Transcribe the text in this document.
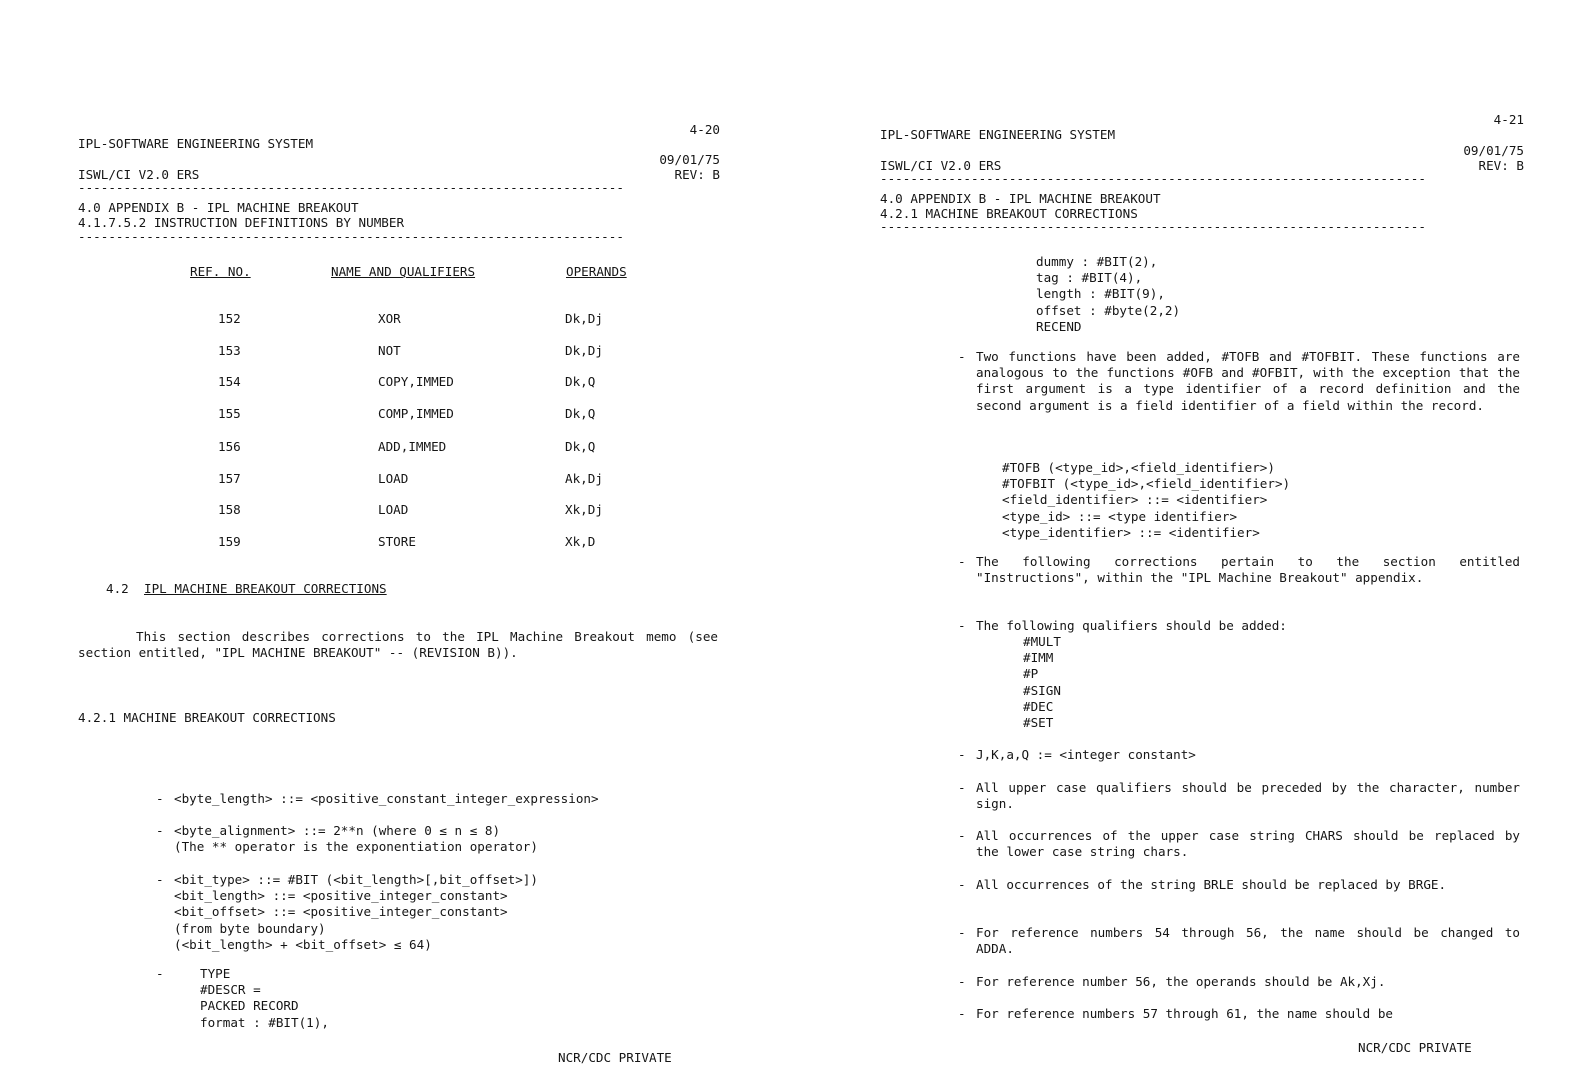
4-20
IPL-SOFTWARE ENGINEERING SYSTEM
09/01/75
ISWL/CI V2.0 ERS	REV: B
------------------------------------------------------------------------
4.0 APPENDIX B - IPL MACHINE BREAKOUT
4.1.7.5.2 INSTRUCTION DEFINITIONS BY NUMBER
------------------------------------------------------------------------
REF. NO.	NAME AND QUALIFIERS	OPERANDS
152	XOR	Dk,Dj
153	NOT	Dk,Dj
154	COPY,IMMED	Dk,Q
155	COMP,IMMED	Dk,Q
156	ADD,IMMED	Dk,Q
157	LOAD	Ak,Dj
158	LOAD	Xk,Dj
159	STORE	Xk,D
4.2 IPL MACHINE BREAKOUT CORRECTIONS
This section describes corrections to the IPL Machine Breakout memo (see section entitled, "IPL MACHINE BREAKOUT" -- (REVISION B)).
4.2.1 MACHINE BREAKOUT CORRECTIONS
- <byte_length> ::= <positive_constant_integer_expression>
- <byte_alignment> ::= 2**n (where 0 ≤ n ≤ 8)
(The ** operator is the exponentiation operator)
- <bit_type> ::= #BIT (<bit_length>[,bit_offset>])
<bit_length> ::= <positive_integer_constant>
<bit_offset> ::= <positive_integer_constant>
(from byte boundary)
(<bit_length> + <bit_offset> ≤ 64)
-	TYPE
#DESCR =
PACKED RECORD
format : #BIT(1),
NCR/CDC PRIVATE
4-21
IPL-SOFTWARE ENGINEERING SYSTEM
09/01/75
ISWL/CI V2.0 ERS	REV: B
------------------------------------------------------------------------
4.0 APPENDIX B - IPL MACHINE BREAKOUT
4.2.1 MACHINE BREAKOUT CORRECTIONS
------------------------------------------------------------------------
dummy : #BIT(2),
tag : #BIT(4),
length : #BIT(9),
offset : #byte(2,2)
RECEND
- Two functions have been added, #TOFB and #TOFBIT. These functions are analogous to the functions #OFB and #OFBIT, with the exception that the first argument is a type identifier of a record definition and the second argument is a field identifier of a field within the record.
#TOFB (<type_id>,<field_identifier>)
#TOFBIT (<type_id>,<field_identifier>)
<field_identifier> ::= <identifier>
<type_id> ::= <type identifier>
<type_identifier> ::= <identifier>
- The following corrections pertain to the section entitled "Instructions", within the "IPL Machine Breakout" appendix.
- The following qualifiers should be added:
#MULT
#IMM
#P
#SIGN
#DEC
#SET
- J,K,a,Q := <integer constant>
- All upper case qualifiers should be preceded by the character, number sign.
- All occurrences of the upper case string CHARS should be replaced by the lower case string chars.
- All occurrences of the string BRLE should be replaced by BRGE.
- For reference numbers 54 through 56, the name should be changed to ADDA.
- For reference number 56, the operands should be Ak,Xj.
- For reference numbers 57 through 61, the name should be
NCR/CDC PRIVATE
